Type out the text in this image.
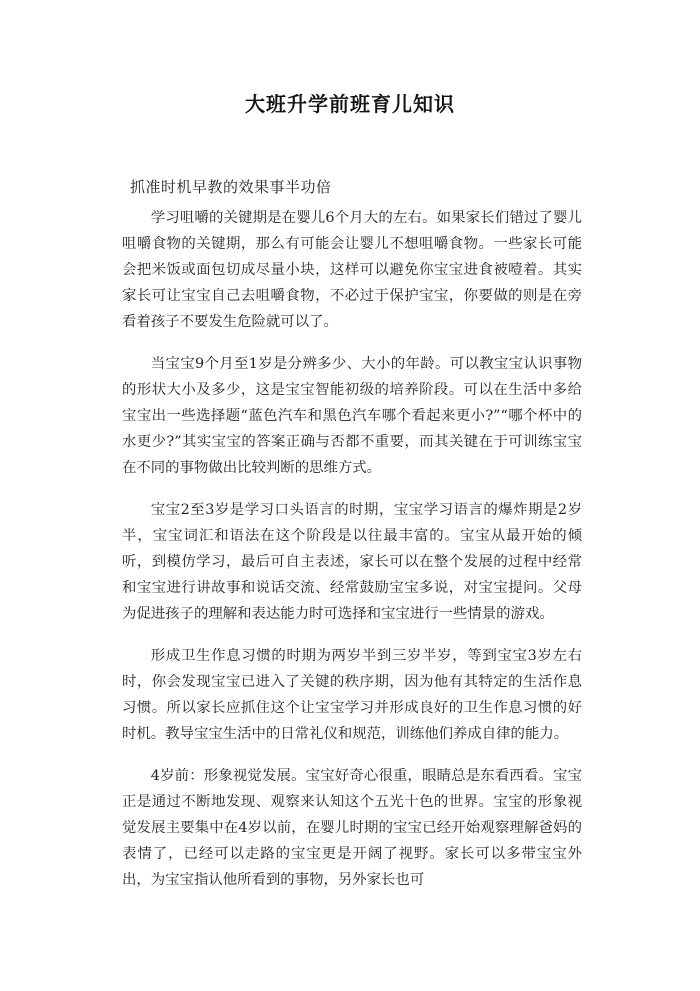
大班升学前班育儿知识
抓准时机早教的效果事半功倍

学习咀嚼的关键期是在婴儿6个月大的左右。如果家长们错过了婴儿咀嚼食物的关键期，那么有可能会让婴儿不想咀嚼食物。一些家长可能会把米饭或面包切成尽量小块，这样可以避免你宝宝进食被噎着。其实家长可让宝宝自己去咀嚼食物，不必过于保护宝宝，你要做的则是在旁看着孩子不要发生危险就可以了。

当宝宝9个月至1岁是分辨多少、大小的年龄。可以教宝宝认识事物的形状大小及多少，这是宝宝智能初级的培养阶段。可以在生活中多给宝宝出一些选择题“蓝色汽车和黑色汽车哪个看起来更小?”“哪个杯中的水更少?”其实宝宝的答案正确与否都不重要，而其关键在于可训练宝宝在不同的事物做出比较判断的思维方式。

宝宝2至3岁是学习口头语言的时期，宝宝学习语言的爆炸期是2岁半，宝宝词汇和语法在这个阶段是以往最丰富的。宝宝从最开始的倾听，到模仿学习，最后可自主表述，家长可以在整个发展的过程中经常和宝宝进行讲故事和说话交流、经常鼓励宝宝多说，对宝宝提问。父母为促进孩子的理解和表达能力时可选择和宝宝进行一些情景的游戏。

形成卫生作息习惯的时期为两岁半到三岁半岁，等到宝宝3岁左右时，你会发现宝宝已进入了关键的秩序期，因为他有其特定的生活作息习惯。所以家长应抓住这个让宝宝学习并形成良好的卫生作息习惯的好时机。教导宝宝生活中的日常礼仪和规范，训练他们养成自律的能力。

4岁前：形象视觉发展。宝宝好奇心很重，眼睛总是东看西看。宝宝正是通过不断地发现、观察来认知这个五光十色的世界。宝宝的形象视觉发展主要集中在4岁以前，在婴儿时期的宝宝已经开始观察理解爸妈的表情了，已经可以走路的宝宝更是开阔了视野。家长可以多带宝宝外出，为宝宝指认他所看到的事物，另外家长也可
